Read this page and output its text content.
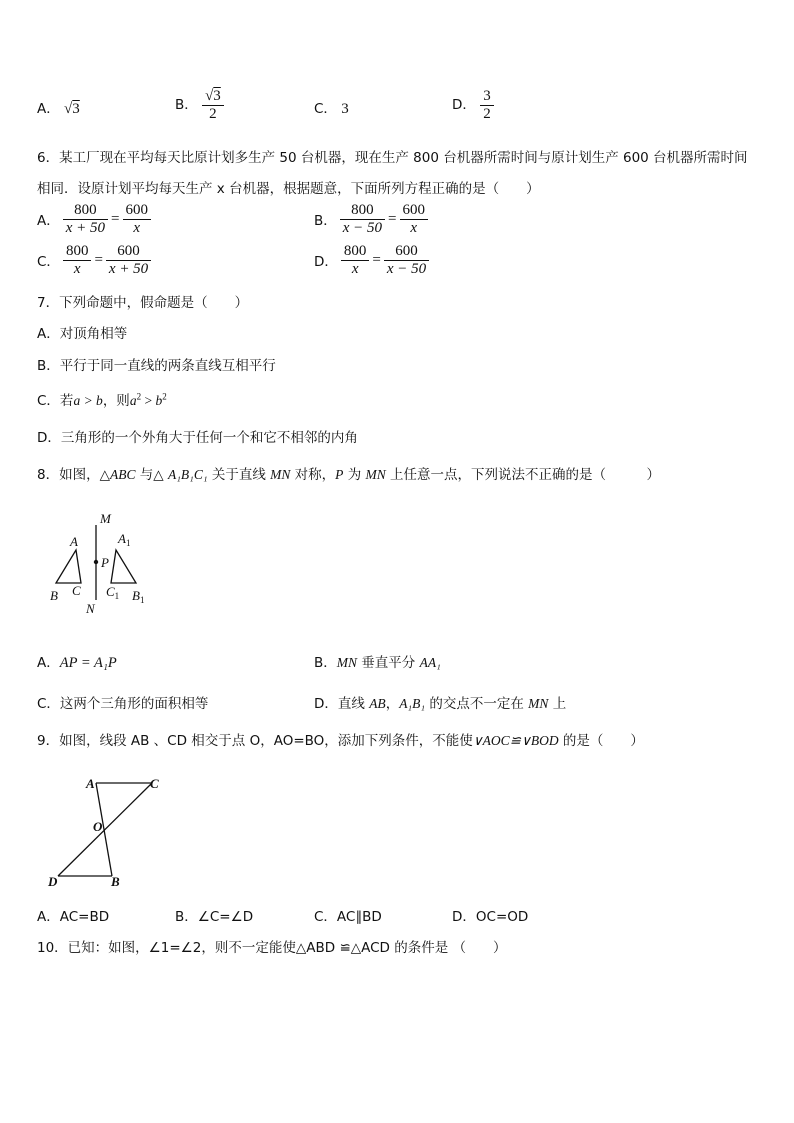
A． √3	B． $\frac{√3}{2}$	C． 3	D． $\frac{3}{2}$
6．某工厂现在平均每天比原计划多生产 50 台机器，现在生产 800 台机器所需时间与原计划生产 600 台机器所需时间
相同．设原计划平均每天生产 x 台机器，根据题意，下面所列方程正确的是（　　）
A． $\frac{800}{x + 50} = \frac{600}{x}$	B． $\frac{800}{x - 50} = \frac{600}{x}$
C． $\frac{800}{x} = \frac{600}{x + 50}$	D． $\frac{800}{x} = \frac{600}{x - 50}$
7．下列命题中，假命题是（　　）
A．对顶角相等
B．平行于同一直线的两条直线互相平行
C．若a > b，则$a^2 > b^2$
D．三角形的一个外角大于任何一个和它不相邻的内角
8．如图，△ABC 与△ A₁B₁C₁ 关于直线 MN 对称，P 为 MN 上任意一点，下列说法不正确的是（　　　）
M
N
P
A
B C
$A_1$
$C_1$ $B_1$
A．AP = A₁P	B．MN 垂直平分 AA₁
C．这两个三角形的面积相等	D．直线 AB，A₁B₁ 的交点不一定在 MN 上
9．如图，线段 AB 、CD 相交于点 O，AO=BO，添加下列条件，不能使∨AOC≌∨BOD 的是（　　）
A	C
O
D	B
A．AC=BD	B．∠C=∠D	C．AC∥BD	D．OC=OD
10．已知：如图，∠1=∠2，则不一定能使△ABD ≌△ACD 的条件是 （　　）
